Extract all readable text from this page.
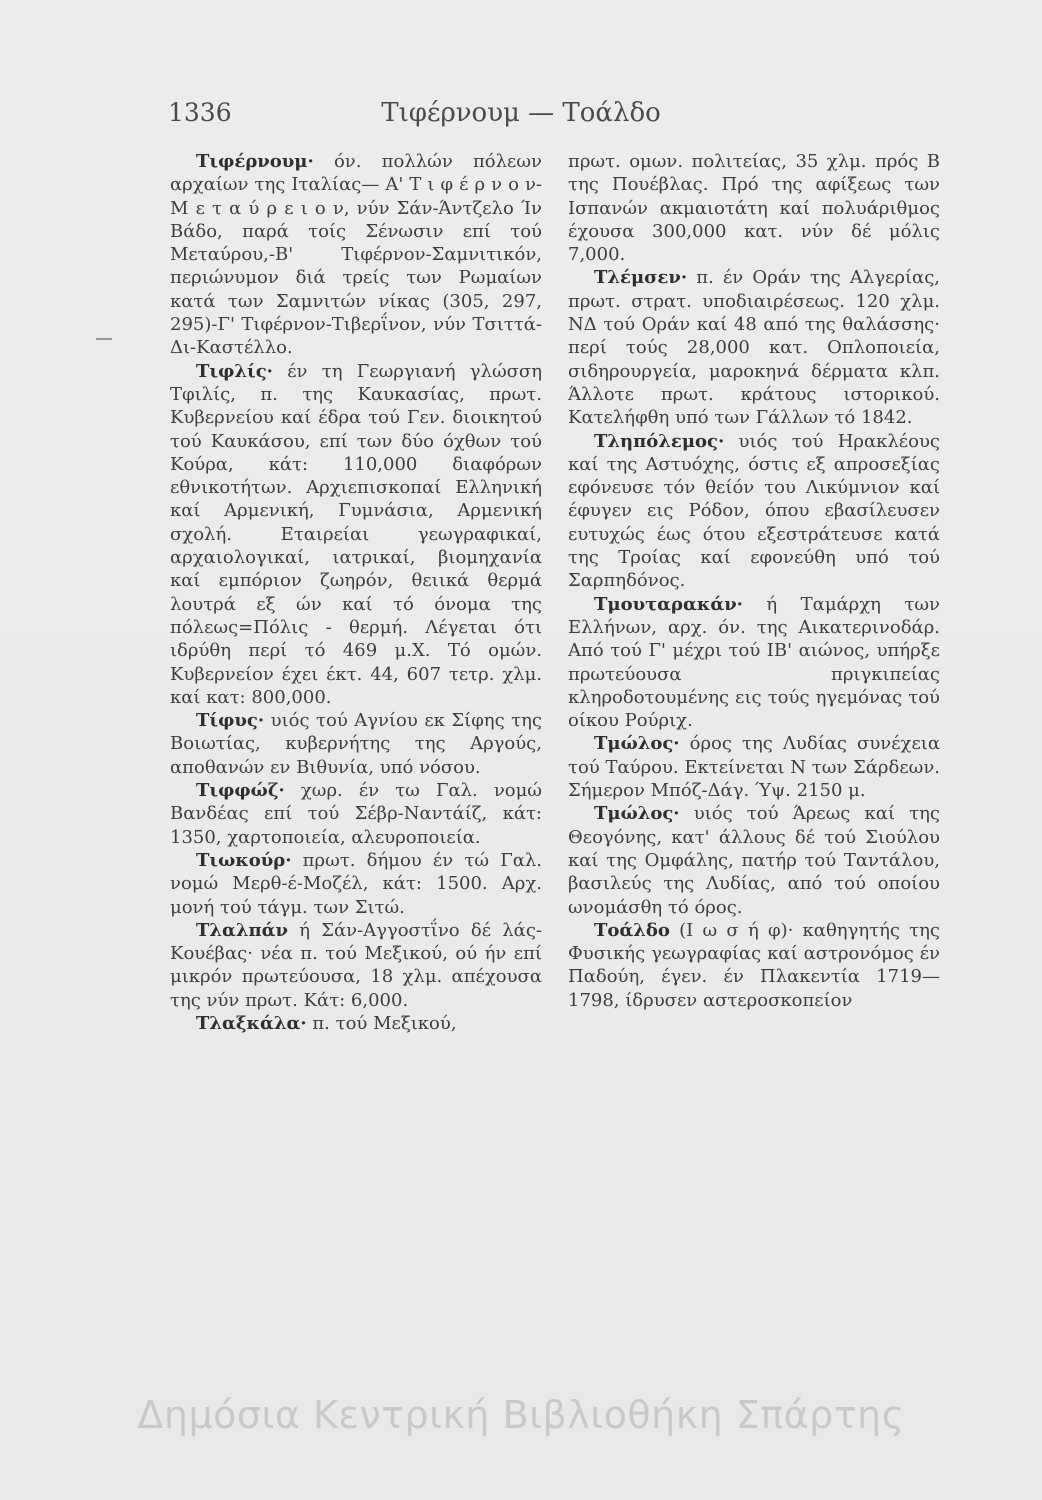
1336	Τιφέρνουμ — Τοάλδο

Τιφέρνουμ· όν. πολλών πόλεων αρχαίων της Ιταλίας— Α' Τ ι φ έ ρ ν ο ν-Μ ε τ α ύ ρ ε ι ο ν, νύν Σάν-Άντζελο Ίν Βάδο, παρά τοίς Σένωσιν επί τού Μεταύρου,-Β' Τιφέρνον-Σαμνιτικόν, περιώνυμον διά τρείς των Ρωμαίων κατά των Σαμνιτών νίκας (305, 297, 295)-Γ' Τιφέρνον-Τιβερΐνον, νύν Τσιττά-Δι-Καστέλλο.

Τιφλίς· έν τη Γεωργιανή γλώσση Τφιλίς, π. της Καυκασίας, πρωτ. Κυβερνείου καί έδρα τού Γεν. διοικητού τού Καυκάσου, επί των δύο όχθων τού Κούρα, κάτ: 110,000 διαφόρων εθνικοτήτων. Αρχιεπισκοπαί Ελληνική καί Αρμενική, Γυμνάσια, Αρμενική σχολή. Εταιρείαι γεωγραφικαί, αρχαιολογικαί, ιατρικαί, βιομηχανία καί εμπόριον ζωηρόν, θειικά θερμά λουτρά εξ ών καί τό όνομα της πόλεως=Πόλις - θερμή. Λέγεται ότι ιδρύθη περί τό 469 μ.Χ. Τό ομών. Κυβερνείον έχει έκτ. 44, 607 τετρ. χλμ. καί κατ: 800,000.

Τίφυς· υιός τού Αγνίου εκ Σίφης της Βοιωτίας, κυβερνήτης της Αργούς, αποθανών εν Βιθυνία, υπό νόσου.

Τιφφώζ· χωρ. έν τω Γαλ. νομώ Βανδέας επί τού Σέβρ-Ναντάίζ, κάτ: 1350, χαρτοποιεία, αλευροποιεία.

Τιωκούρ· πρωτ. δήμου έν τώ Γαλ. νομώ Μερθ-έ-Μοζέλ, κάτ: 1500. Αρχ. μονή τού τάγμ. των Σιτώ.

Τλαλπάν ή Σάν-Αγγοστΐνο δέ λάς-Κουέβας· νέα π. τού Μεξικού, ού ήν επί μικρόν πρωτεύουσα, 18 χλμ. απέχουσα της νύν πρωτ. Κάτ: 6,000.

Τλαξκάλα· π. τού Μεξικού,

πρωτ. ομων. πολιτείας, 35 χλμ. πρός Β της Πουέβλας. Πρό της αφίξεως των Ισπανών ακμαιοτάτη καί πολυάριθμος έχουσα 300,000 κατ. νύν δέ μόλις 7,000.

Τλέμσεν· π. έν Οράν της Αλγερίας, πρωτ. στρατ. υποδιαιρέσεως. 120 χλμ. ΝΔ τού Οράν καί 48 από της θαλάσσης· περί τούς 28,000 κατ. Οπλοποιεία, σιδηρουργεία, μαροκηνά δέρματα κλπ. Άλλοτε πρωτ. κράτους ιστορικού. Κατελήφθη υπό των Γάλλων τό 1842.

Τληπόλεμος· υιός τού Ηρακλέους καί της Αστυόχης, όστις εξ απροσεξίας εφόνευσε τόν θείόν του Λικύμνιον καί έφυγεν εις Ρόδον, όπου εβασίλευσεν ευτυχώς έως ότου εξεστράτευσε κατά της Τροίας καί εφονεύθη υπό τού Σαρπηδόνος.

Τμουταρακάν· ή Ταμάρχη των Ελλήνων, αρχ. όν. της Αικατερινοδάρ. Από τού Γ' μέχρι τού ΙΒ' αιώνος, υπήρξε πρωτεύουσα πριγκιπείας κληροδοτουμένης εις τούς ηγεμόνας τού οίκου Ρούριχ.

Τμώλος· όρος της Λυδίας συνέχεια τού Ταύρου. Εκτείνεται Ν των Σάρδεων. Σήμερον Μπόζ-Δάγ. Ύψ. 2150 μ.

Τμώλος· υιός τού Άρεως καί της Θεογόνης, κατ' άλλους δέ τού Σιούλου καί της Ομφάλης, πατήρ τού Ταντάλου, βασιλεύς της Λυδίας, από τού οποίου ωνομάσθη τό όρος.

Τοάλδο (Ι ω σ ή φ)· καθηγητής της Φυσικής γεωγραφίας καί αστρονόμος έν Παδούη, έγεν. έν Πλακεντία 1719—1798, ίδρυσεν αστεροσκοπείον

Δημόσια Κεντρική Βιβλιοθήκη Σπάρτης
